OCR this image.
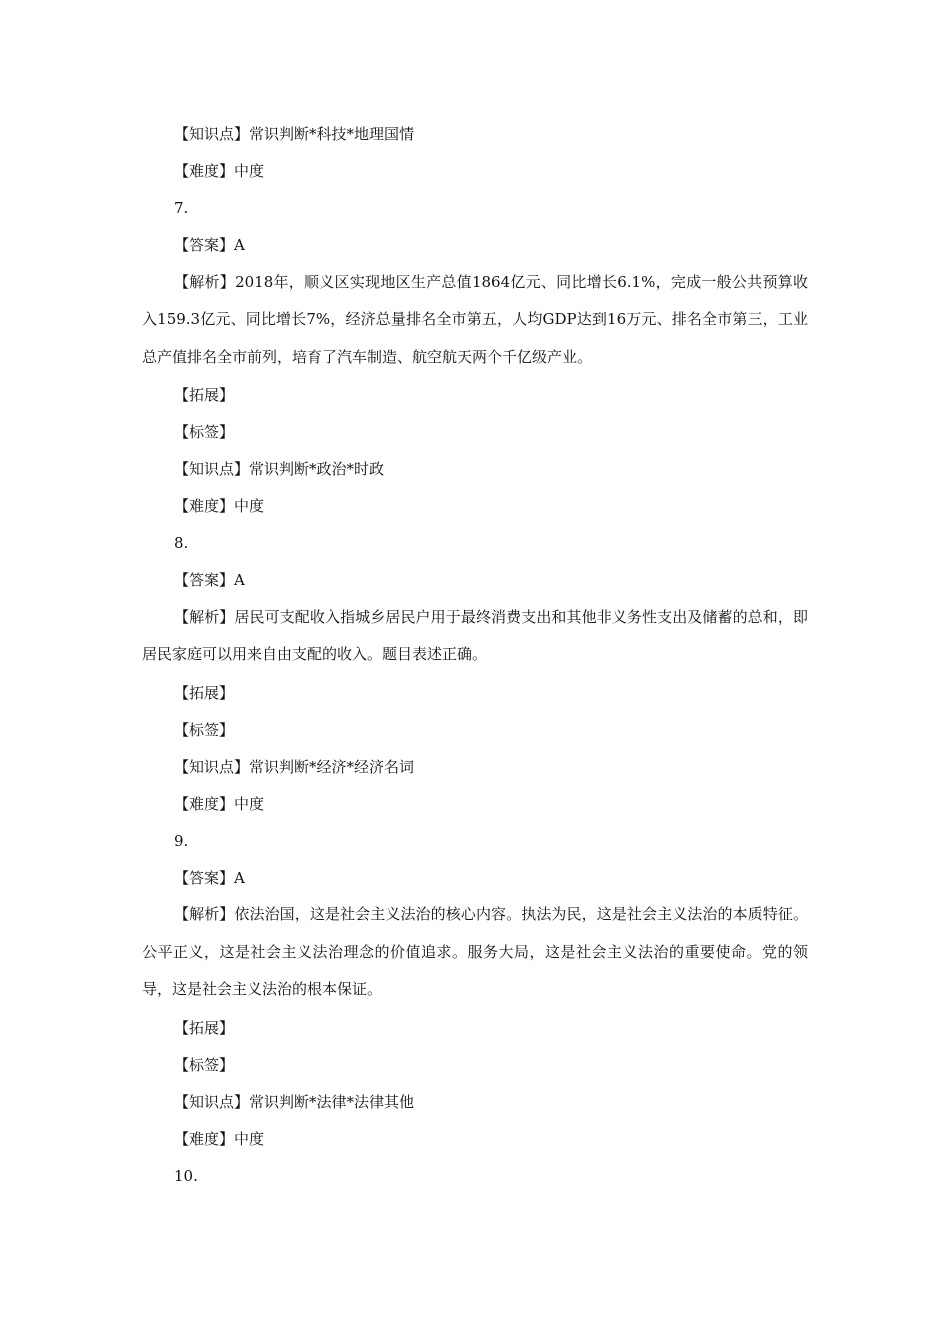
【知识点】常识判断*科技*地理国情
【难度】中度
7.
【答案】A
【解析】2018年，顺义区实现地区生产总值1864亿元、同比增长6.1%，完成一般公共预算收入159.3亿元、同比增长7%，经济总量排名全市第五，人均GDP达到16万元、排名全市第三，工业总产值排名全市前列，培育了汽车制造、航空航天两个千亿级产业。
【拓展】
【标签】
【知识点】常识判断*政治*时政
【难度】中度
8.
【答案】A
【解析】居民可支配收入指城乡居民户用于最终消费支出和其他非义务性支出及储蓄的总和，即居民家庭可以用来自由支配的收入。题目表述正确。
【拓展】
【标签】
【知识点】常识判断*经济*经济名词
【难度】中度
9.
【答案】A
【解析】依法治国，这是社会主义法治的核心内容。执法为民，这是社会主义法治的本质特征。公平正义，这是社会主义法治理念的价值追求。服务大局，这是社会主义法治的重要使命。党的领导，这是社会主义法治的根本保证。
【拓展】
【标签】
【知识点】常识判断*法律*法律其他
【难度】中度
10.
